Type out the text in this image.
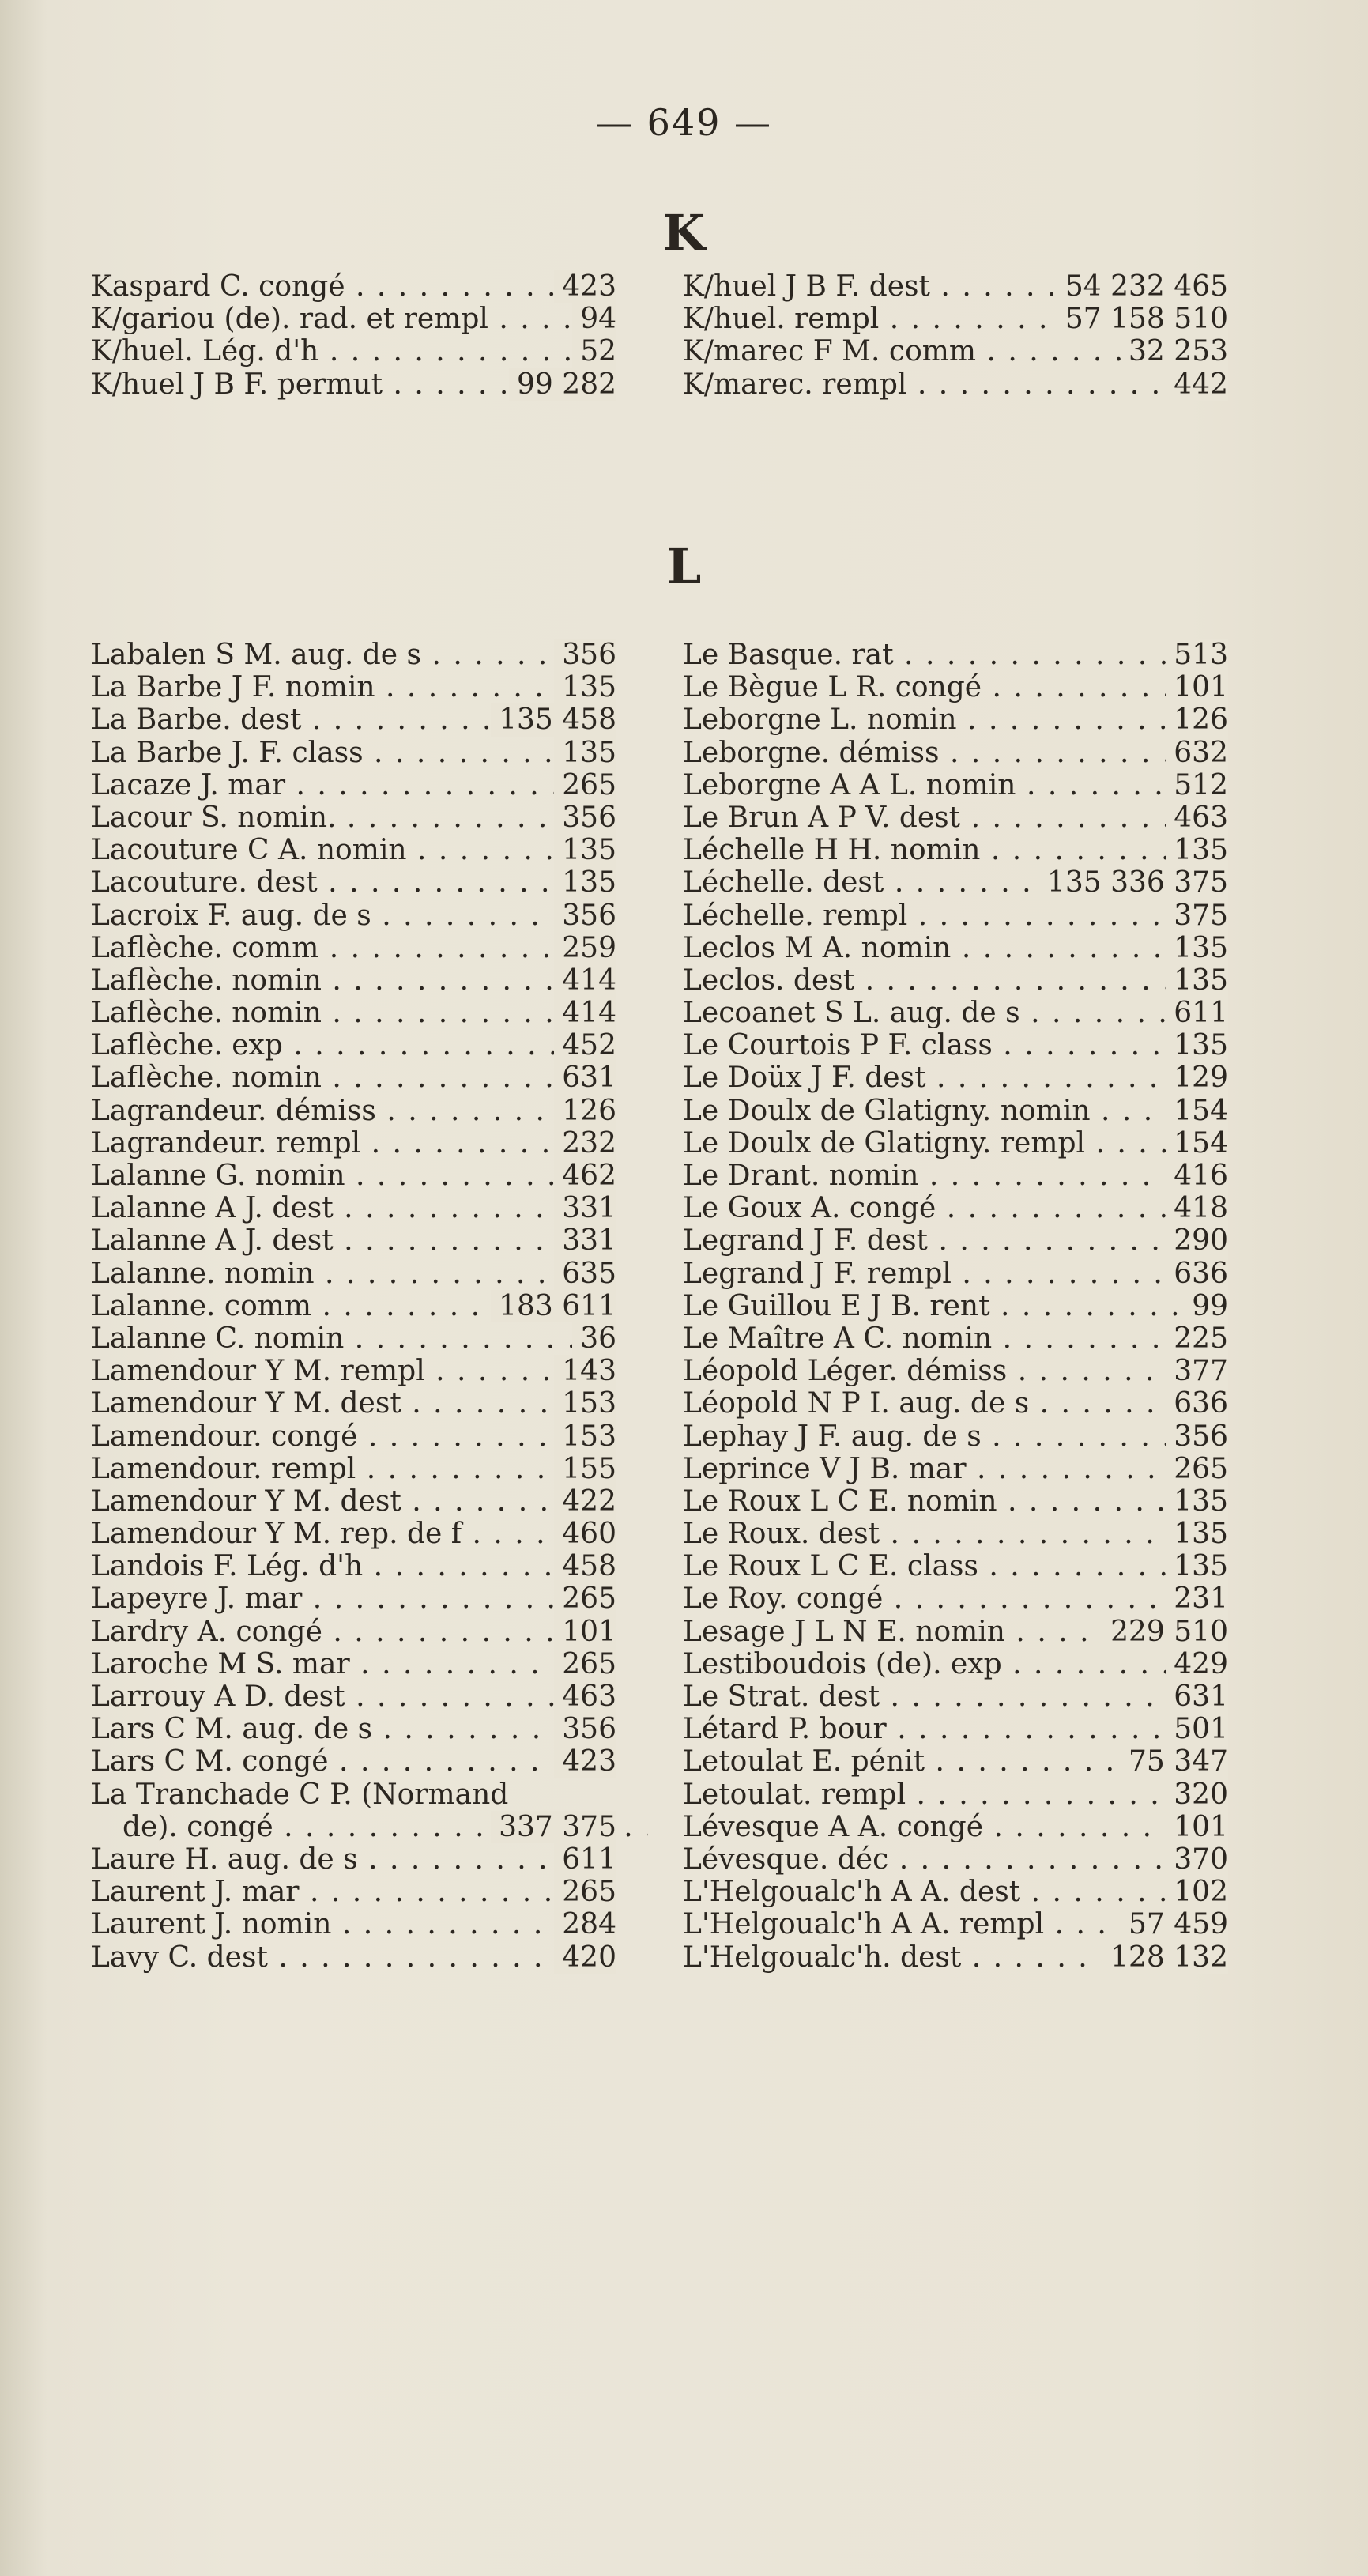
— 649 —
K
Kaspard C. congé . . .	423
K/gariou (de). rad. et rempl . . .	94
K/huel. Lég. d'h . . .	52
K/huel J B F. permut . . .	99 282
K/huel J B F. dest . . .	54 232 465
K/huel. rempl . . .	57 158 510
K/marec F M. comm . . .	32 253
K/marec. rempl . . .	442
L
Labalen S M. aug. de s . . .	356
La Barbe J F. nomin . . .	135
La Barbe. dest . . .	135 458
La Barbe J. F. class . . .	135
Lacaze J. mar . . .	265
Lacour S. nomin. . . .	356
Lacouture C A. nomin . . .	135
Lacouture. dest . . .	135
Lacroix F. aug. de s . . .	356
Laflèche. comm . . .	259
Laflèche. nomin . . .	414
Laflèche. nomin . . .	414
Laflèche. exp . . .	452
Laflèche. nomin . . .	631
Lagrandeur. démiss . . .	126
Lagrandeur. rempl . . .	232
Lalanne G. nomin . . .	462
Lalanne A J. dest . . .	331
Lalanne A J. dest . . .	331
Lalanne. nomin . . .	635
Lalanne. comm . . .	183 611
Lalanne C. nomin . . .	36
Lamendour Y M. rempl . . .	143
Lamendour Y M. dest . . .	153
Lamendour. congé . . .	153
Lamendour. rempl . . .	155
Lamendour Y M. dest . . .	422
Lamendour Y M. rep. de f . . .	460
Landois F. Lég. d'h . . .	458
Lapeyre J. mar . . .	265
Lardry A. congé . . .	101
Laroche M S. mar . . .	265
Larrouy A D. dest . . .	463
Lars C M. aug. de s . . .	356
Lars C M. congé . . .	423
La Tranchade C P. (Normand
de). congé . . .	337 375
Laure H. aug. de s . . .	611
Laurent J. mar . . .	265
Laurent J. nomin . . .	284
Lavy C. dest . . .	420
Le Basque. rat . . .	513
Le Bègue L R. congé . . .	101
Leborgne L. nomin . . .	126
Leborgne. démiss . . .	632
Leborgne A A L. nomin . . .	512
Le Brun A P V. dest . . .	463
Léchelle H H. nomin . . .	135
Léchelle. dest . . .	135 336 375
Léchelle. rempl . . .	375
Leclos M A. nomin . . .	135
Leclos. dest . . .	135
Lecoanet S L. aug. de s . . .	611
Le Courtois P F. class . . .	135
Le Doüx J F. dest . . .	129
Le Doulx de Glatigny. nomin . . .	154
Le Doulx de Glatigny. rempl . . .	154
Le Drant. nomin . . .	416
Le Goux A. congé . . .	418
Legrand J F. dest . . .	290
Legrand J F. rempl . . .	636
Le Guillou E J B. rent . . .	99
Le Maître A C. nomin . . .	225
Léopold Léger. démiss . . .	377
Léopold N P I. aug. de s . . .	636
Lephay J F. aug. de s . . .	356
Leprince V J B. mar . . .	265
Le Roux L C E. nomin . . .	135
Le Roux. dest . . .	135
Le Roux L C E. class . . .	135
Le Roy. congé . . .	231
Lesage J L N E. nomin . . .	229 510
Lestiboudois (de). exp . . .	429
Le Strat. dest . . .	631
Létard P. bour . . .	501
Letoulat E. pénit . . .	75 347
Letoulat. rempl . . .	320
Lévesque A A. congé . . .	101
Lévesque. déc . . .	370
L'Helgoualc'h A A. dest . . .	102
L'Helgoualc'h A A. rempl . . .	57 459
L'Helgoualc'h. dest . . .	128 132
